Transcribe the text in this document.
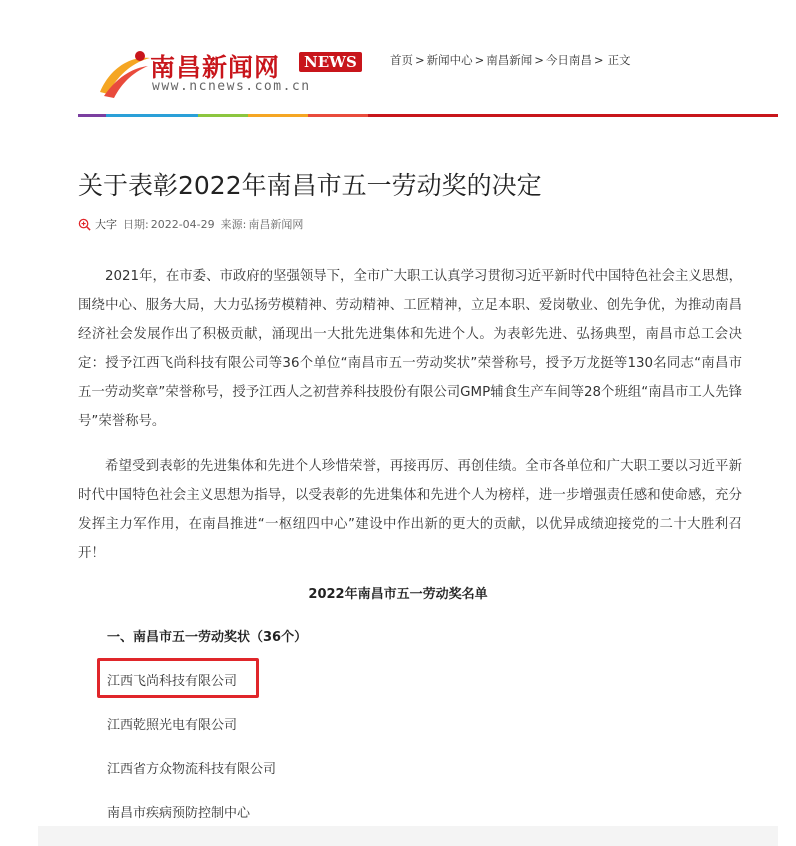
南昌新闻网	NEWS
www.ncnews.com.cn
首页 > 新闻中心 > 南昌新闻 > 今日南昌 > 正文
关于表彰2022年南昌市五一劳动奖的决定
大字 日期: 2022-04-29 来源: 南昌新闻网

2021年，在市委、市政府的坚强领导下，全市广大职工认真学习贯彻习近平新时代中国特色社会主义思想，围绕中心、服务大局，大力弘扬劳模精神、劳动精神、工匠精神，立足本职、爱岗敬业、创先争优，为推动南昌经济社会发展作出了积极贡献，涌现出一大批先进集体和先进个人。为表彰先进、弘扬典型，南昌市总工会决定：授予江西飞尚科技有限公司等36个单位“南昌市五一劳动奖状”荣誉称号，授予万龙挺等130名同志“南昌市五一劳动奖章”荣誉称号，授予江西人之初营养科技股份有限公司GMP辅食生产车间等28个班组“南昌市工人先锋号”荣誉称号。

希望受到表彰的先进集体和先进个人珍惜荣誉，再接再厉、再创佳绩。全市各单位和广大职工要以习近平新时代中国特色社会主义思想为指导，以受表彰的先进集体和先进个人为榜样，进一步增强责任感和使命感，充分发挥主力军作用，在南昌推进“一枢纽四中心”建设中作出新的更大的贡献，以优异成绩迎接党的二十大胜利召开！

2022年南昌市五一劳动奖名单
一、南昌市五一劳动奖状（36个）
江西飞尚科技有限公司
江西乾照光电有限公司
江西省方众物流科技有限公司
南昌市疾病预防控制中心
